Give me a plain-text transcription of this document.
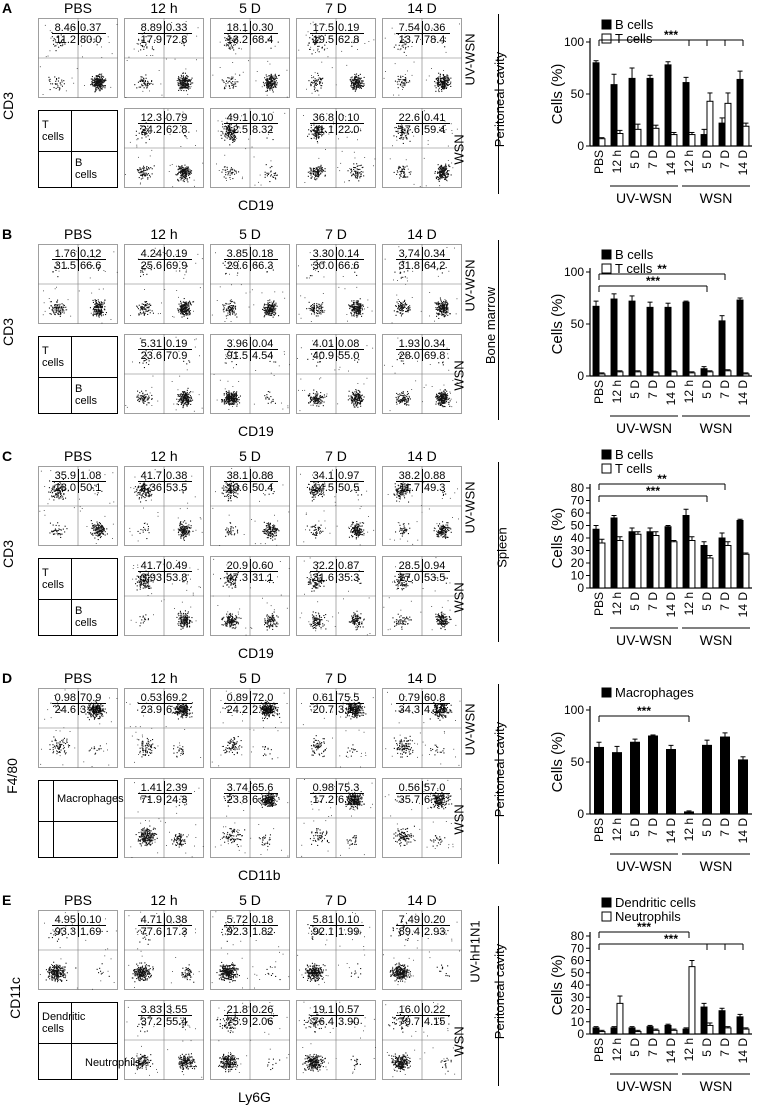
A	PBS	12 h	5 D	7 D	14 D
8.46 0.37
11.2 80.0
8.89 0.33
17.9 72.8
18.1 0.30
13.2 68.4
17.5 0.19
19.5 62.8
7.54 0.36
13.7 78.4
12.3 0.79
24.2 62.8
49.1 0.10
12.5 8.32
36.8 0.10
41.1 22.0
22.6 0.41
17.6 59.4
T
cells
B
cells
CD3
CD19
UV-WSN
WSN
Peritoneal cavity
B cells
T cells
0
50
100
Cells (%)
PBS 12 h 5 D 7 D 14 D 12 h 5 D 7 D 14 D
UV-WSN WSN
***
B	PBS	12 h	5 D	7 D	14 D
1.76 0.12
31.5 66.6
4.24 0.19
25.6 69.9
3.85 0.18
29.6 66.3
3.30 0.14
30.0 66.6
3.74 0.34
31.8 64.2
5.31 0.19
23.6 70.9
3.96 0.04
91.5 4.54
4.01 0.08
40.9 55.0
1.93 0.34
28.0 69.8
T
cells
B
cells
CD3
CD19
UV-WSN
WSN
Bone marrow
B cells
T cells
0
50
100
Cells (%)
PBS 12 h 5 D 7 D 14 D 12 h 5 D 7 D 14 D
UV-WSN WSN
**
***
C	PBS	12 h	5 D	7 D	14 D
35.9 1.08
13.0 50.1
41.7 0.38
4.36 53.5
38.1 0.88
10.6 50.4
34.1 0.97
14.5 50.5
38.2 0.88
11.7 49.3
41.7 0.49
3.93 53.8
20.9 0.60
47.3 31.1
32.2 0.87
31.6 35.3
28.5 0.94
17.0 53.5
T
cells
B
cells
CD3
CD19
UV-WSN
WSN
Spleen
B cells
T cells
0
10
20
30
40
50
60
70
80
Cells (%)
PBS 12 h 5 D 7 D 14 D 12 h 5 D 7 D 14 D
UV-WSN WSN
**
***
D	PBS	12 h	5 D	7 D	14 D
0.98 70.9
24.6 3.45
0.53 69.2
23.9 6.37
0.89 72.0
24.2 2.91
0.61 75.5
20.7 3.17
0.79 60.8
34.3 4.18
1.41 2.39
71.9 24.3
3.74 65.6
23.8 6.89
0.98 75.3
17.2 6.50
0.56 57.0
35.7 6.77
Macrophages
F4/80
CD11b
UV-WSN
WSN
Peritoneal cavity
Macrophages
0
50
100
Cells (%)
PBS 12 h 5 D 7 D 14 D 12 h 5 D 7 D 14 D
UV-WSN WSN
***
E	PBS	12 h	5 D	7 D	14 D
4.95 0.10
93.3 1.69
4.71 0.38
77.6 17.3
5.72 0.18
92.3 1.82
5.81 0.10
92.1 1.99
7.49 0.20
89.4 2.93
3.83 3.55
37.2 55.4
21.8 0.26
75.9 2.06
19.1 0.57
76.4 3.90
16.0 0.22
79.7 4.15
Dendritic
cells
Neutrophils
CD11c
Ly6G
UV-hH1N1
WSN
Peritoneal cavity
Dendritic cells
Neutrophils
0
10
20
30
40
50
60
70
80
Cells (%)
PBS 12 h 5 D 7 D 14 D 12 h 5 D 7 D 14 D
UV-WSN WSN
***
***
